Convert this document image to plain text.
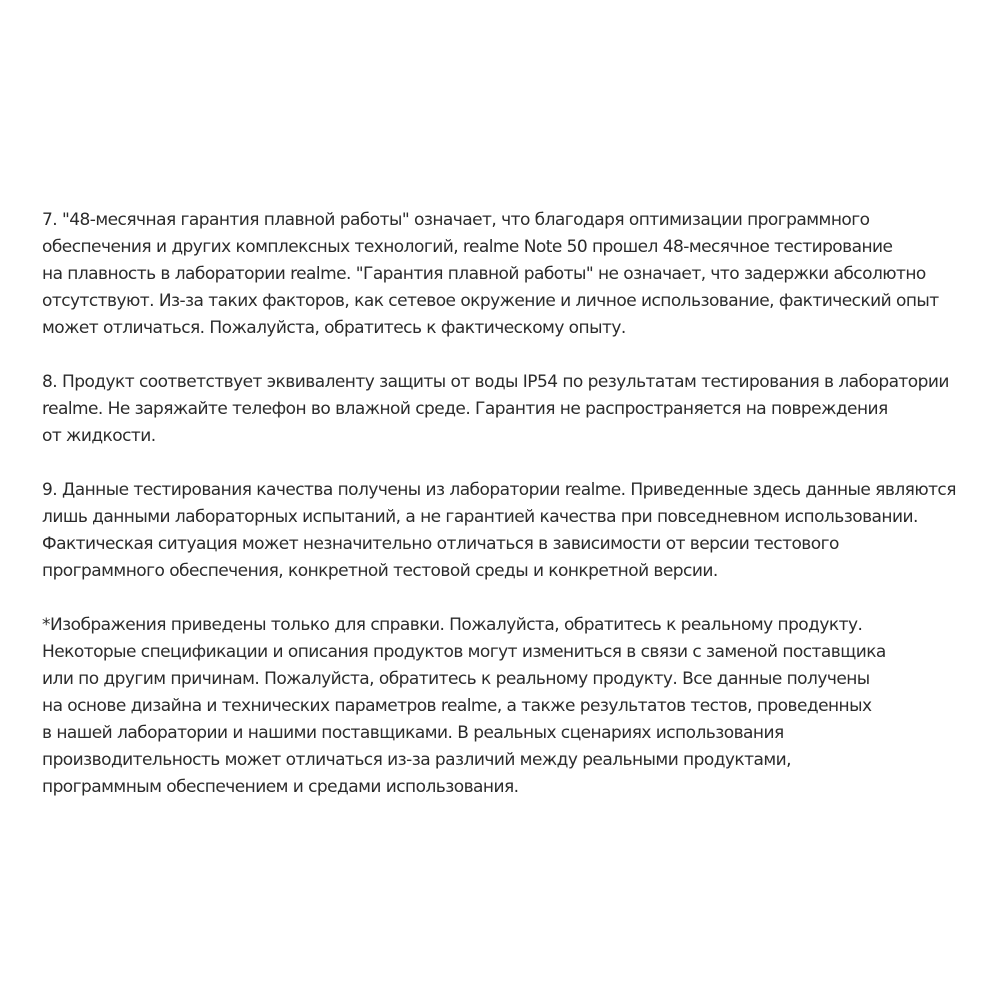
7. "48-месячная гарантия плавной работы" означает, что благодаря оптимизации программного
обеспечения и других комплексных технологий, realme Note 50 прошел 48-месячное тестирование
на плавность в лаборатории realme. "Гарантия плавной работы" не означает, что задержки абсолютно
отсутствуют. Из-за таких факторов, как сетевое окружение и личное использование, фактический опыт
может отличаться. Пожалуйста, обратитесь к фактическому опыту.
8. Продукт соответствует эквиваленту защиты от воды IP54 по результатам тестирования в лаборатории
realme. Не заряжайте телефон во влажной среде. Гарантия не распространяется на повреждения
от жидкости.
9. Данные тестирования качества получены из лаборатории realme. Приведенные здесь данные являются
лишь данными лабораторных испытаний, а не гарантией качества при повседневном использовании.
Фактическая ситуация может незначительно отличаться в зависимости от версии тестового
программного обеспечения, конкретной тестовой среды и конкретной версии.
*Изображения приведены только для справки. Пожалуйста, обратитесь к реальному продукту.
Некоторые спецификации и описания продуктов могут измениться в связи с заменой поставщика
или по другим причинам. Пожалуйста, обратитесь к реальному продукту. Все данные получены
на основе дизайна и технических параметров realme, а также результатов тестов, проведенных
в нашей лаборатории и нашими поставщиками. В реальных сценариях использования
производительность может отличаться из-за различий между реальными продуктами,
программным обеспечением и средами использования.
